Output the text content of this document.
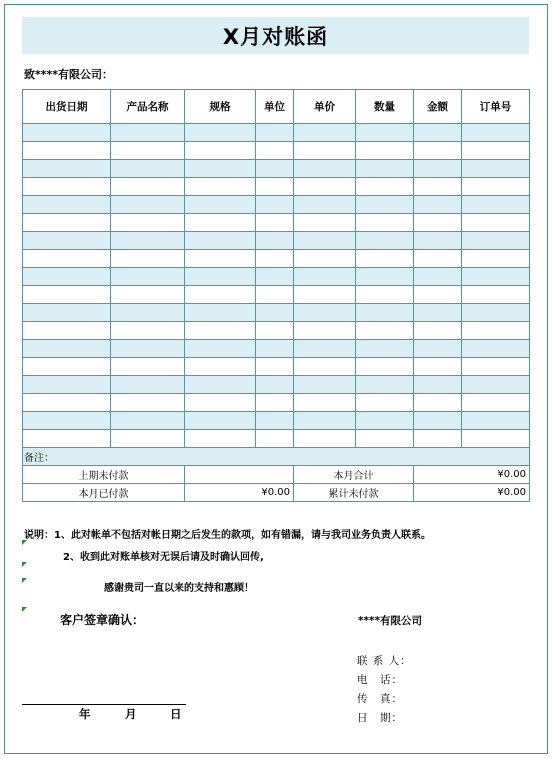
X月对账函
致****有限公司：
出货日期	产品名称	规格	单位	单价	数量	金额	订单号

备注：							
上期未付款				本月合计		¥0.00	
本月已付款		¥0.00		累计未付款		¥0.00	
说明：1、此对帐单不包括对帐日期之后发生的款项，如有错漏，请与我司业务负责人联系。
2、收到此对账单核对无误后请及时确认回传,
感谢贵司一直以来的支持和惠顾！
客户签章确认：	****有限公司
联 系 人：
电　话：
传　真：
日　期：
年	月	日
